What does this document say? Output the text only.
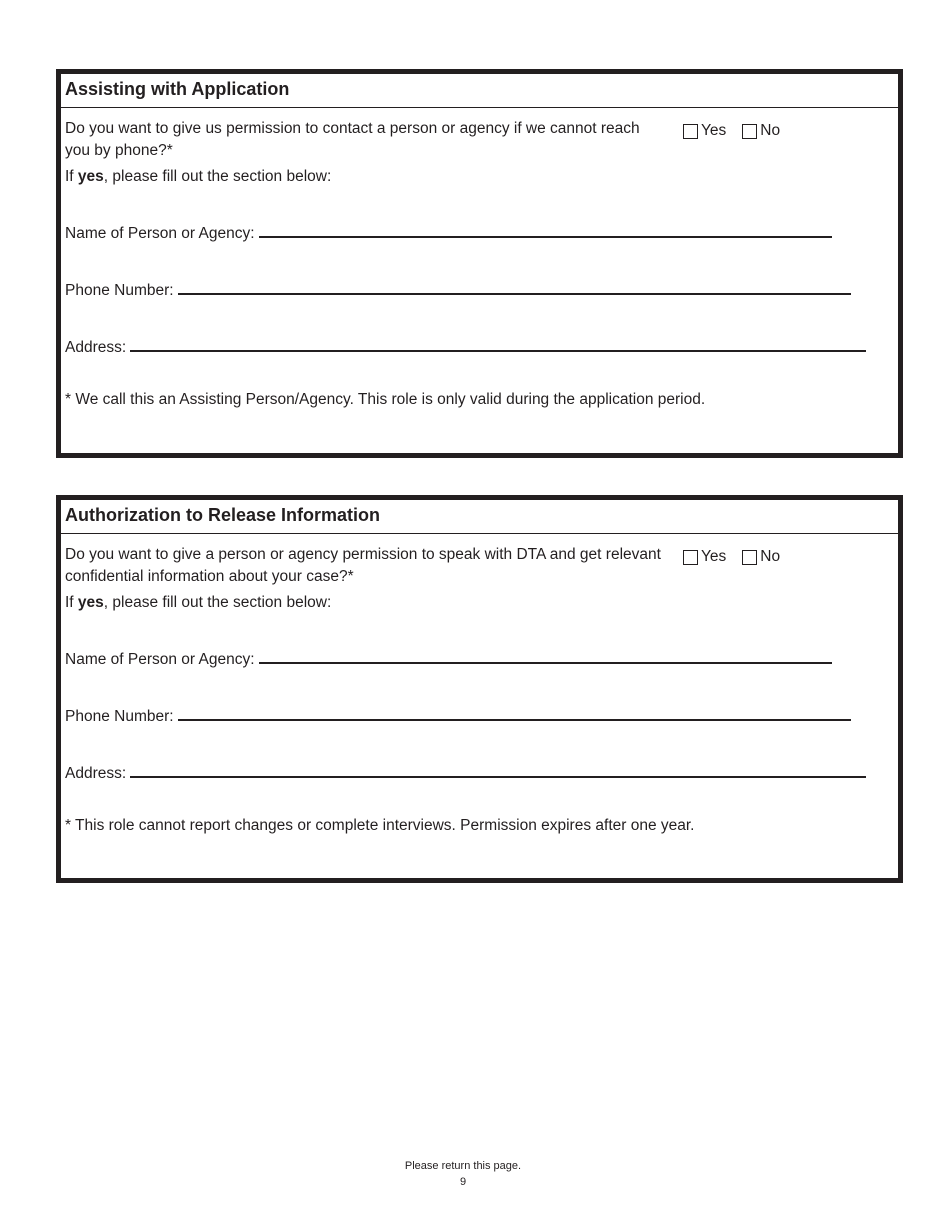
Assisting with Application
Do you want to give us permission to contact a person or agency if we cannot reach you by phone?*
Yes No
If yes, please fill out the section below:
Name of Person or Agency:
Phone Number:
Address:
* We call this an Assisting Person/Agency. This role is only valid during the application period.
Authorization to Release Information
Do you want to give a person or agency permission to speak with DTA and get relevant confidential information about your case?*
Yes No
If yes, please fill out the section below:
Name of Person or Agency:
Phone Number:
Address:
* This role cannot report changes or complete interviews. Permission expires after one year.
Please return this page.
9
